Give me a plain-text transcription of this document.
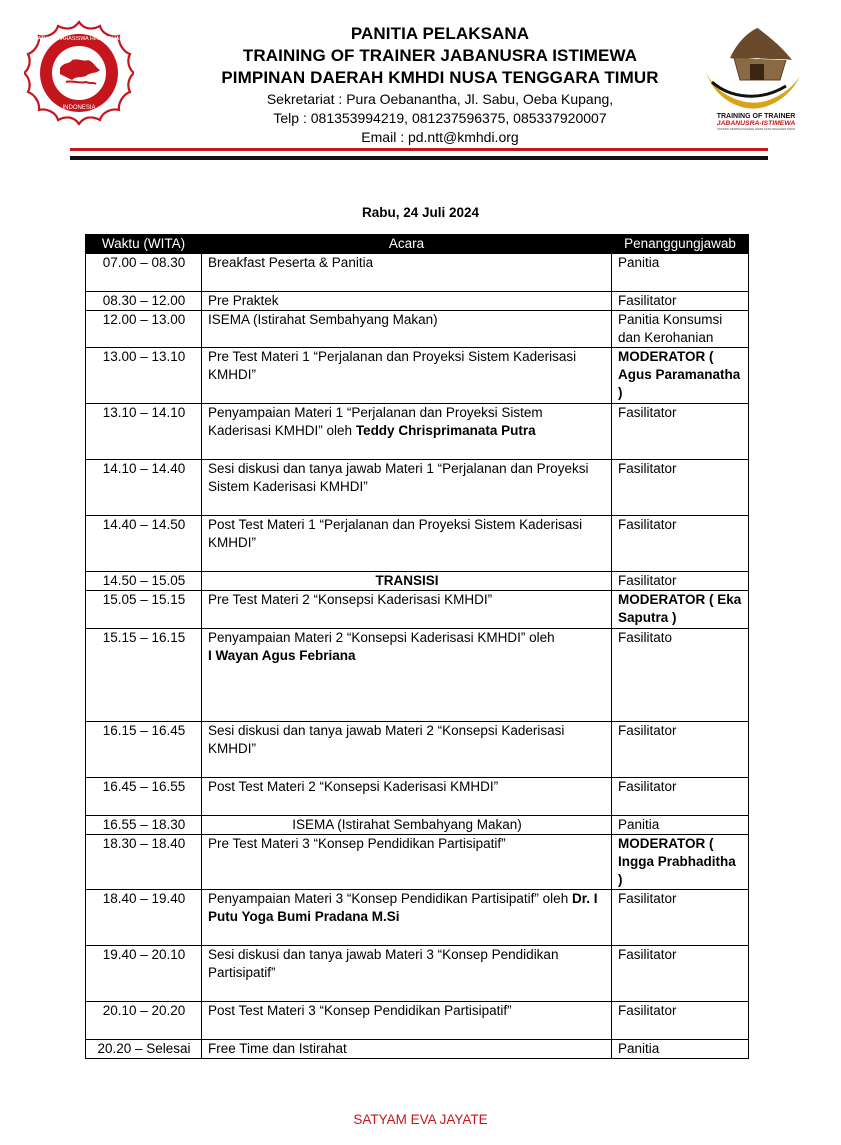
KESATUAN MAHASISWA HINDU DHARMA
INDONESIA
PANITIA PELAKSANA
TRAINING OF TRAINER JABANUSRA ISTIMEWA
PIMPINAN DAERAH KMHDI NUSA TENGGARA TIMUR
Sekretariat : Pura Oebanantha, Jl. Sabu, Oeba Kupang,
Telp : 081353994219, 081237596375, 085337920007
Email : pd.ntt@kmhdi.org
TRAINING OF TRAINER
JABANUSRA-ISTIMEWA
TRAINING PIMPINAN DAERAH KMHDI NUSA TENGGARA TIMUR
Rabu, 24 Juli 2024
Waktu (WITA)	Acara	Penanggungjawab
07.00 – 08.30	Breakfast Peserta & Panitia	Panitia
08.30 – 12.00	Pre Praktek	Fasilitator
12.00 – 13.00	ISEMA (Istirahat Sembahyang Makan)	Panitia Konsumsi dan Kerohanian
13.00 – 13.10	Pre Test Materi 1 “Perjalanan dan Proyeksi Sistem Kaderisasi KMHDI”	MODERATOR ( Agus Paramanatha )
13.10 – 14.10	Penyampaian Materi 1 “Perjalanan dan Proyeksi Sistem Kaderisasi KMHDI” oleh Teddy Chrisprimanata Putra	Fasilitator
14.10 – 14.40	Sesi diskusi dan tanya jawab Materi 1 “Perjalanan dan Proyeksi Sistem Kaderisasi KMHDI”	Fasilitator
14.40 – 14.50	Post Test Materi 1 “Perjalanan dan Proyeksi Sistem Kaderisasi KMHDI”	Fasilitator
14.50 – 15.05	TRANSISI	Fasilitator
15.05 – 15.15	Pre Test Materi 2 “Konsepsi Kaderisasi KMHDI”	MODERATOR ( Eka Saputra )
15.15 – 16.15	Penyampaian Materi 2 “Konsepsi Kaderisasi KMHDI” oleh
I Wayan Agus Febriana	Fasilitato
16.15 – 16.45	Sesi diskusi dan tanya jawab Materi 2 “Konsepsi Kaderisasi KMHDI”	Fasilitator
16.45 – 16.55	Post Test Materi 2 “Konsepsi Kaderisasi KMHDI”	Fasilitator
16.55 – 18.30	ISEMA (Istirahat Sembahyang Makan)	Panitia
18.30 – 18.40	Pre Test Materi 3 “Konsep Pendidikan Partisipatif”	MODERATOR ( Ingga Prabhaditha )
18.40 – 19.40	Penyampaian Materi 3 “Konsep Pendidikan Partisipatif” oleh Dr. I Putu Yoga Bumi Pradana M.Si	Fasilitator
19.40 – 20.10	Sesi diskusi dan tanya jawab Materi 3 “Konsep Pendidikan Partisipatif”	Fasilitator
20.10 – 20.20	Post Test Materi 3 “Konsep Pendidikan Partisipatif”	Fasilitator
20.20 – Selesai	Free Time dan Istirahat	Panitia
SATYAM EVA JAYATE
